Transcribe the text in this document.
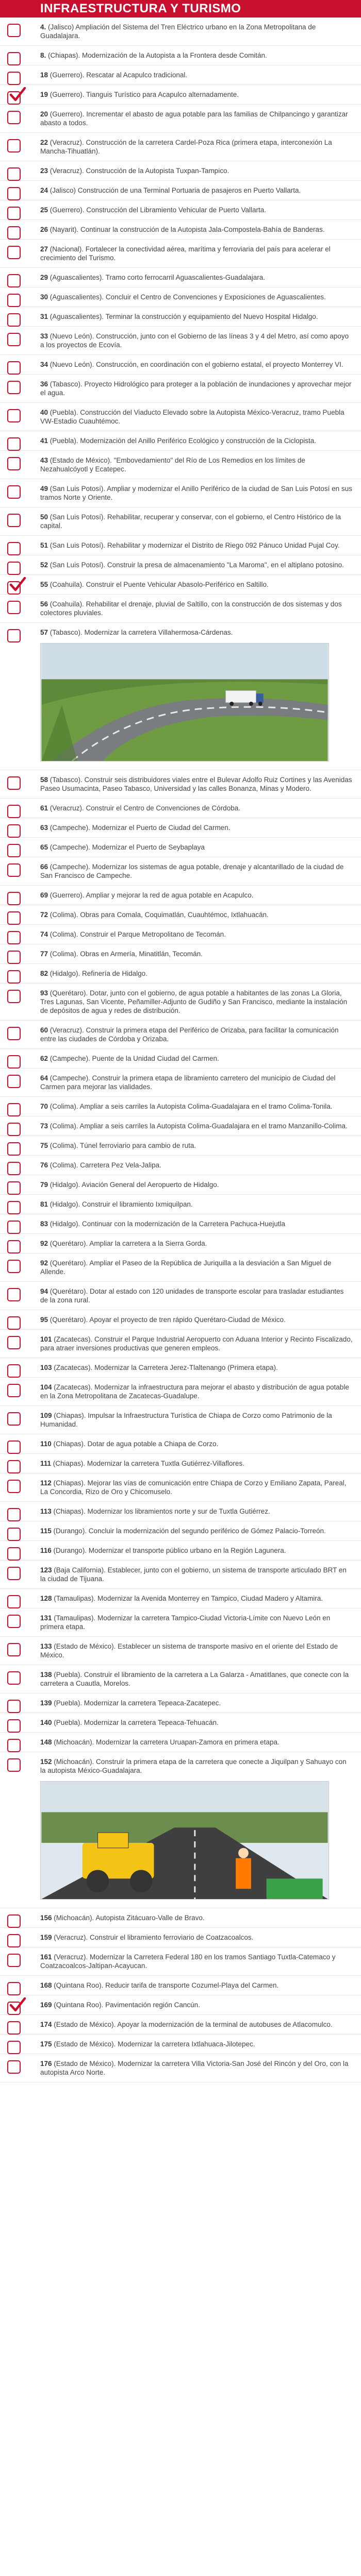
INFRAESTRUCTURA Y TURISMO
4. (Jalisco) Ampliación del Sistema del Tren Eléctrico urbano en la Zona Metropolitana de Guadalajara.
8. (Chiapas). Modernización de la Autopista a la Frontera desde Comitán.
18 (Guerrero). Rescatar al Acapulco tradicional.
19 (Guerrero). Tianguis Turístico para Acapulco alternadamente.
20 (Guerrero). Incrementar el abasto de agua potable para las familias de Chilpancingo y garantizar abasto a todos.
22 (Veracruz). Construcción de la carretera Cardel-Poza Rica (primera etapa, interconexión La Mancha-Tihuatlán).
23 (Veracruz). Construcción de la Autopista Tuxpan-Tampico.
24 (Jalisco) Construcción de una Terminal Portuaria de pasajeros en Puerto Vallarta.
25 (Guerrero). Construcción del Libramiento Vehicular de Puerto Vallarta.
26 (Nayarit). Continuar la construcción de la Autopista Jala-Compostela-Bahía de Banderas.
27 (Nacional). Fortalecer la conectividad aérea, marítima y ferroviaria del país para acelerar el crecimiento del Turismo.
29 (Aguascalientes). Tramo corto ferrocarril Aguascalientes-Guadalajara.
30 (Aguascalientes). Concluir el Centro de Convenciones y Exposiciones de Aguascalientes.
31 (Aguascalientes). Terminar la construcción y equipamiento del Nuevo Hospital Hidalgo.
33 (Nuevo León). Construcción, junto con el Gobierno de las líneas 3 y 4 del Metro, así como apoyo a los proyectos de Ecovía.
34 (Nuevo León). Construcción, en coordinación con el gobierno estatal, el proyecto Monterrey VI.
36 (Tabasco). Proyecto Hidrológico para proteger a la población de inundaciones y aprovechar mejor el agua.
40 (Puebla). Construcción del Viaducto Elevado sobre la Autopista México-Veracruz, tramo Puebla VW-Estadio Cuauhtémoc.
41 (Puebla). Modernización del Anillo Periférico Ecológico y construcción de la Ciclopista.
43 (Estado de México). "Embovedamiento" del Río de Los Remedios en los límites de Nezahualcóyotl y Ecatepec.
49 (San Luis Potosí). Ampliar y modernizar el Anillo Periférico de la ciudad de San Luis Potosí en sus tramos Norte y Oriente.
50 (San Luis Potosí). Rehabilitar, recuperar y conservar, con el gobierno, el Centro Histórico de la capital.
51 (San Luis Potosí). Rehabilitar y modernizar el Distrito de Riego 092 Pánuco Unidad Pujal Coy.
52 (San Luis Potosí). Construir la presa de almacenamiento "La Maroma", en el altiplano potosino.
55 (Coahuila). Construir el Puente Vehicular Abasolo-Periférico en Saltillo.
56 (Coahuila). Rehabilitar el drenaje, pluvial de Saltillo, con la construcción de dos sistemas y dos colectores pluviales.
57 (Tabasco). Modernizar la carretera Villahermosa-Cárdenas.
58 (Tabasco). Construir seis distribuidores viales entre el Bulevar Adolfo Ruiz Cortines y las Avenidas Paseo Usumacinta, Paseo Tabasco, Universidad y las calles Bonanza, Minas y Modero.
61 (Veracruz). Construir el Centro de Convenciones de Córdoba.
63 (Campeche). Modernizar el Puerto de Ciudad del Carmen.
65 (Campeche). Modernizar el Puerto de Seybaplaya
66 (Campeche). Modernizar los sistemas de agua potable, drenaje y alcantarillado de la ciudad de San Francisco de Campeche.
69 (Guerrero). Ampliar y mejorar la red de agua potable en Acapulco.
72 (Colima). Obras para Comala, Coquimatlán, Cuauhtémoc, Ixtlahuacán.
74 (Colima). Construir el Parque Metropolitano de Tecomán.
77 (Colima). Obras en Armería, Minatitlán, Tecomán.
82 (Hidalgo). Refinería de Hidalgo.
93 (Querétaro). Dotar, junto con el gobierno, de agua potable a habitantes de las zonas La Gloria, Tres Lagunas, San Vicente, Peñamiller-Adjunto de Gudiño y San Francisco, mediante la instalación de depósitos de agua y redes de distribución.
60 (Veracruz). Construir la primera etapa del Periférico de Orizaba, para facilitar la comunicación entre las ciudades de Córdoba y Orizaba.
62 (Campeche). Puente de la Unidad Ciudad del Carmen.
64 (Campeche). Construir la primera etapa de libramiento carretero del municipio de Ciudad del Carmen para mejorar las vialidades.
70 (Colima). Ampliar a seis carriles la Autopista Colima-Guadalajara en el tramo Colima-Tonila.
73 (Colima). Ampliar a seis carriles la Autopista Colima-Guadalajara en el tramo Manzanillo-Colima.
75 (Colima). Túnel ferroviario para cambio de ruta.
76 (Colima). Carretera Pez Vela-Jalipa.
79 (Hidalgo). Aviación General del Aeropuerto de Hidalgo.
81 (Hidalgo). Construir el libramiento Ixmiquilpan.
83 (Hidalgo). Continuar con la modernización de la Carretera Pachuca-Huejutla
92 (Querétaro). Ampliar la carretera a la Sierra Gorda.
92 (Querétaro). Ampliar el Paseo de la República de Juriquilla a la desviación a San Miguel de Allende.
94 (Querétaro). Dotar al estado con 120 unidades de transporte escolar para trasladar estudiantes de la zona rural.
95 (Querétaro). Apoyar el proyecto de tren rápido Querétaro-Ciudad de México.
101 (Zacatecas). Construir el Parque Industrial Aeropuerto con Aduana Interior y Recinto Fiscalizado, para atraer inversiones productivas que generen empleos.
103 (Zacatecas). Modernizar la Carretera Jerez-Tlaltenango (Primera etapa).
104 (Zacatecas). Modernizar la infraestructura para mejorar el abasto y distribución de agua potable en la Zona Metropolitana de Zacatecas-Guadalupe.
109 (Chiapas). Impulsar la Infraestructura Turística de Chiapa de Corzo como Patrimonio de la Humanidad.
110 (Chiapas). Dotar de agua potable a Chiapa de Corzo.
111 (Chiapas). Modernizar la carretera Tuxtla Gutiérrez-Villaflores.
112 (Chiapas). Mejorar las vías de comunicación entre Chiapa de Corzo y Emiliano Zapata, Pareal, La Concordia, Rizo de Oro y Chicomuselo.
113 (Chiapas). Modernizar los libramientos norte y sur de Tuxtla Gutiérrez.
115 (Durango). Concluir la modernización del segundo periférico de Gómez Palacio-Torreón.
116 (Durango). Modernizar el transporte público urbano en la Región Lagunera.
123 (Baja California). Establecer, junto con el gobierno, un sistema de transporte articulado BRT en la ciudad de Tijuana.
128 (Tamaulipas). Modernizar la Avenida Monterrey en Tampico, Ciudad Madero y Altamira.
131 (Tamaulipas). Modernizar la carretera Tampico-Ciudad Victoria-Límite con Nuevo León en primera etapa.
133 (Estado de México). Establecer un sistema de transporte masivo en el oriente del Estado de México.
138 (Puebla). Construir el libramiento de la carretera a La Galarza - Amatitlanes, que conecte con la carretera a Cuautla, Morelos.
139 (Puebla). Modernizar la carretera Tepeaca-Zacatepec.
140 (Puebla). Modernizar la carretera Tepeaca-Tehuacán.
148 (Michoacán). Modernizar la carretera Uruapan-Zamora en primera etapa.
152 (Michoacán). Construir la primera etapa de la carretera que conecte a Jiquilpan y Sahuayo con la autopista México-Guadalajara.
156 (Michoacán). Autopista Zitácuaro-Valle de Bravo.
159 (Veracruz). Construir el libramiento ferroviario de Coatzacoalcos.
161 (Veracruz). Modernizar la Carretera Federal 180 en los tramos Santiago Tuxtla-Catemaco y Coatzacoalcos-Jaltipan-Acayucan.
168 (Quintana Roo). Reducir tarifa de transporte Cozumel-Playa del Carmen.
169 (Quintana Roo). Pavimentación región Cancún.
174 (Estado de México). Apoyar la modernización de la terminal de autobuses de Atlacomulco.
175 (Estado de México). Modernizar la carretera Ixtlahuaca-Jilotepec.
176 (Estado de México). Modernizar la carretera Villa Victoria-San José del Rincón y del Oro, con la autopista Arco Norte.
